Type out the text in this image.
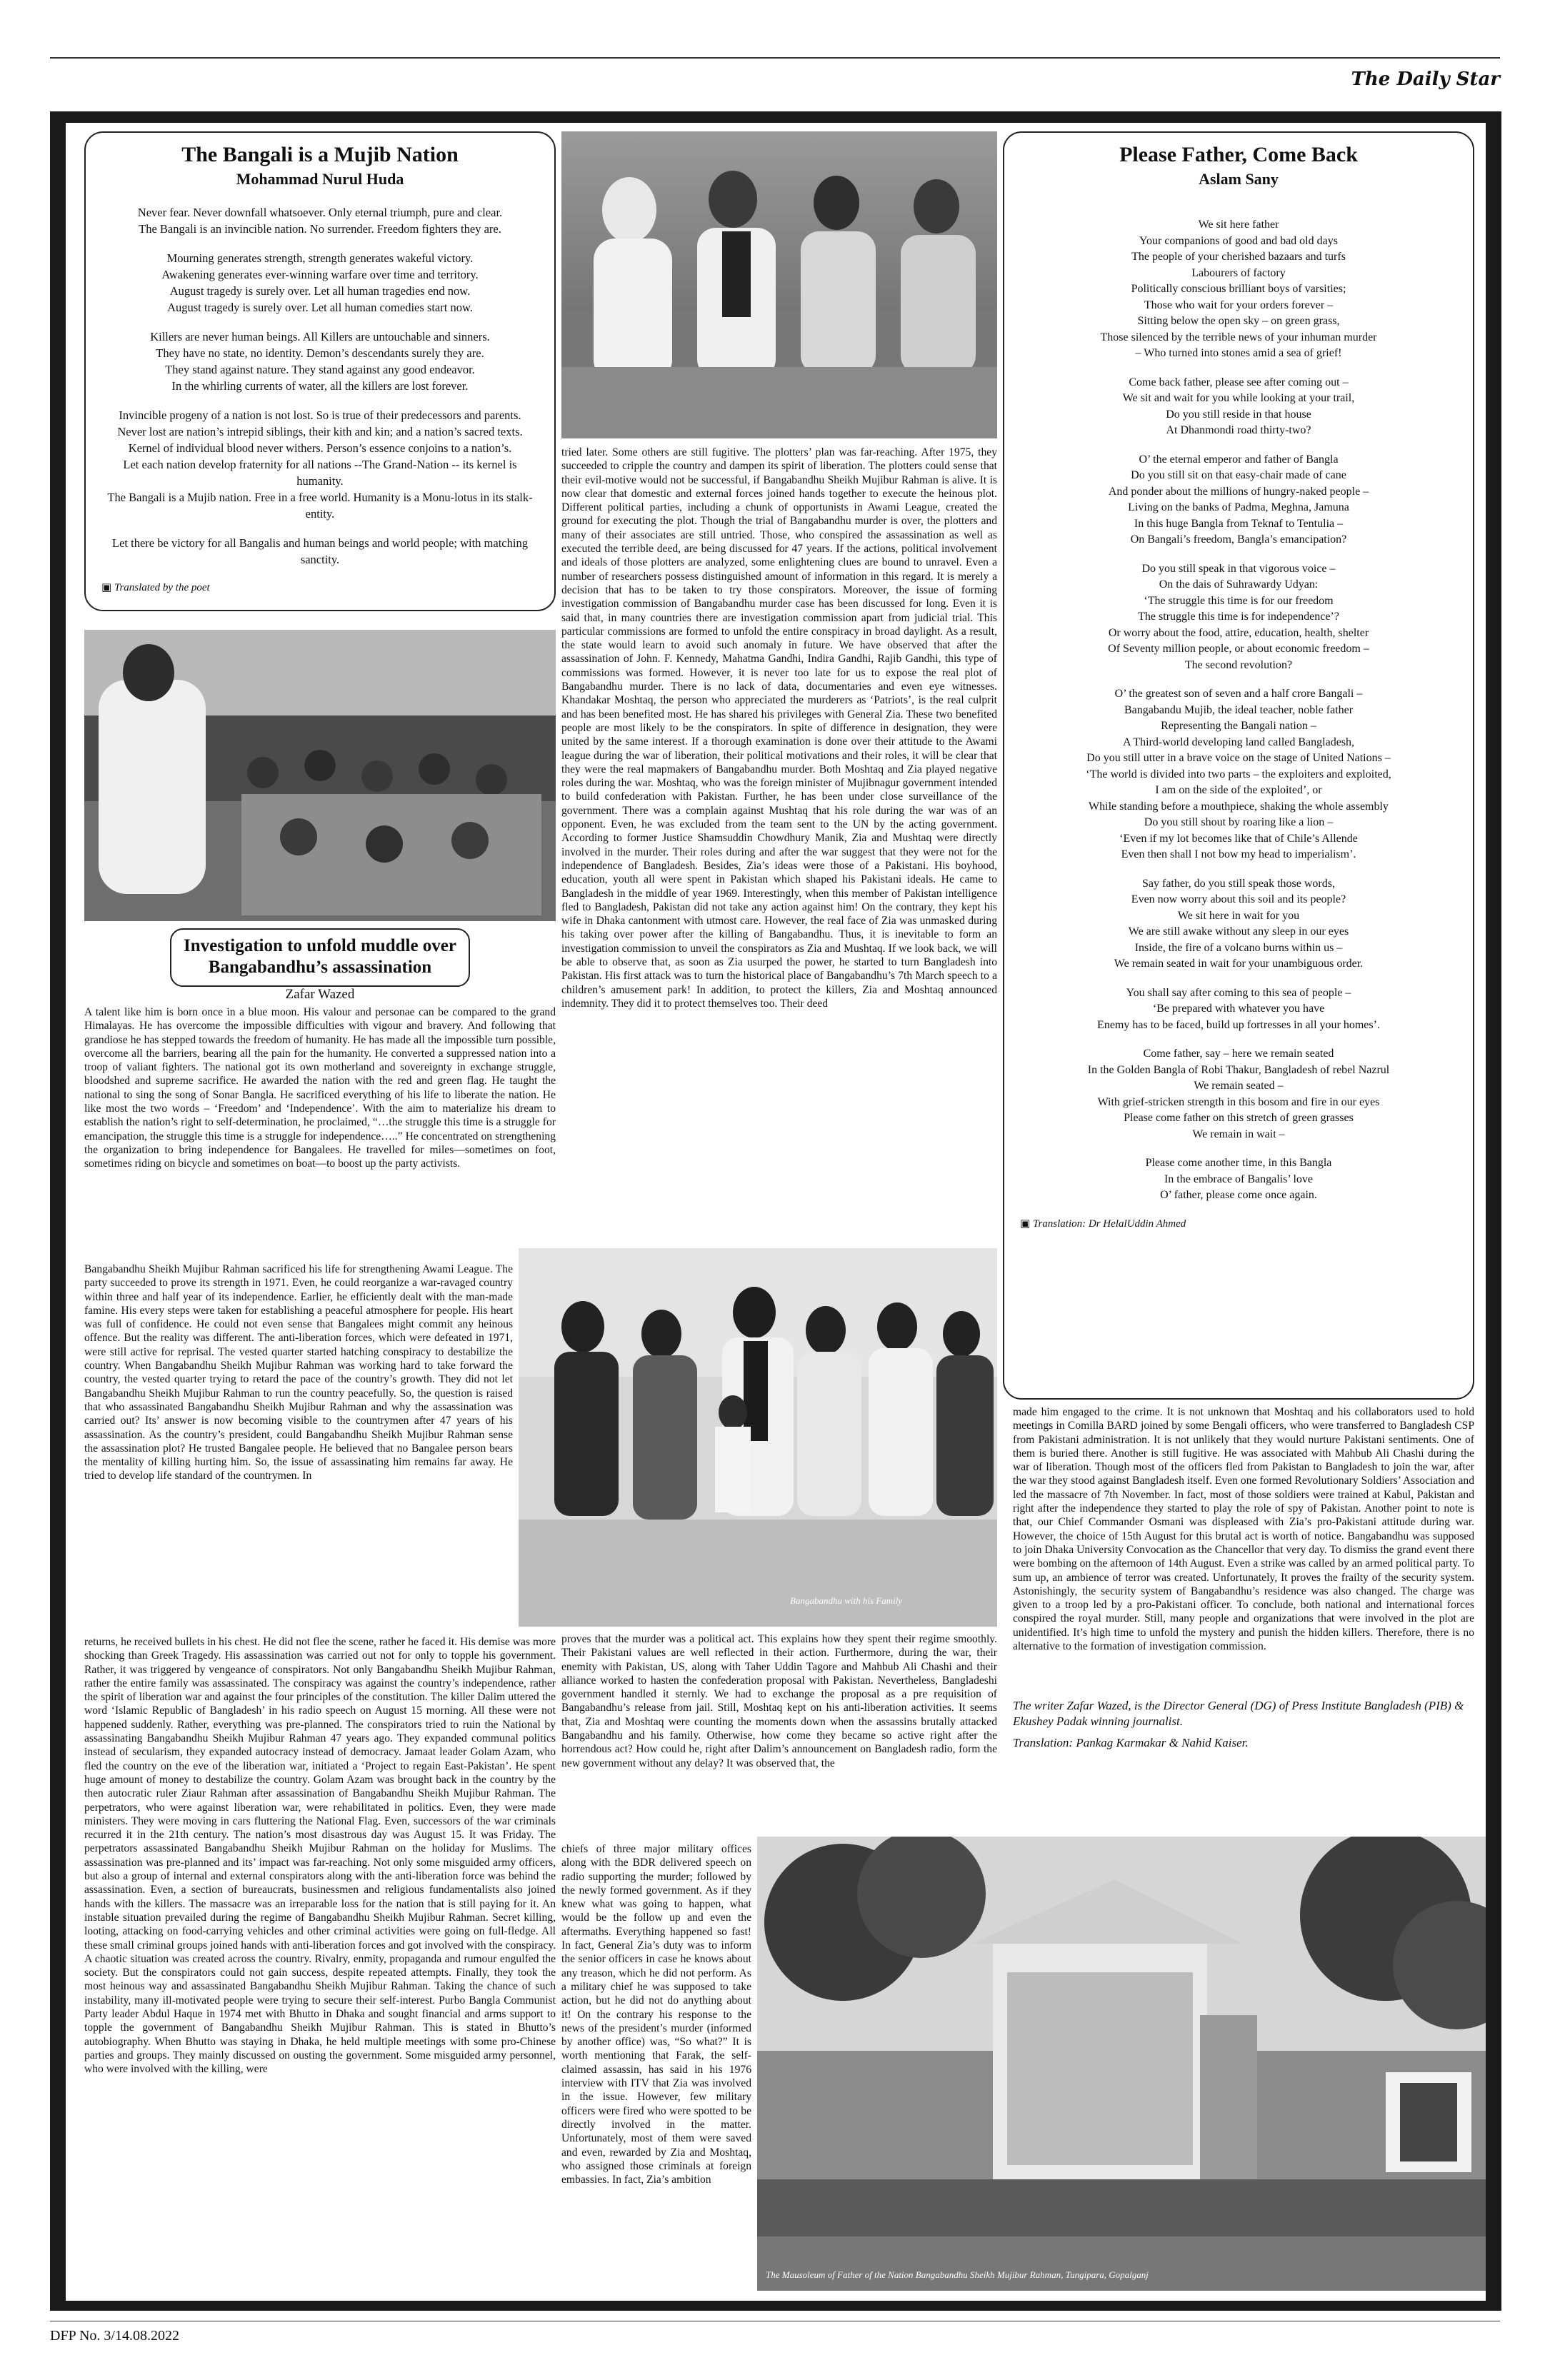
The Daily Star
The Bangali is a Mujib Nation
Mohammad Nurul Huda

Never fear. Never downfall whatsoever. Only eternal triumph, pure and clear.
The Bangali is an invincible nation. No surrender. Freedom fighters they are.

Mourning generates strength, strength generates wakeful victory.
Awakening generates ever-winning warfare over time and territory.
August tragedy is surely over. Let all human tragedies end now.
August tragedy is surely over. Let all human comedies start now.

Killers are never human beings. All Killers are untouchable and sinners.
They have no state, no identity. Demon’s descendants surely they are.
They stand against nature. They stand against any good endeavor.
In the whirling currents of water, all the killers are lost forever.

Invincible progeny of a nation is not lost. So is true of their predecessors and parents.
Never lost are nation’s intrepid siblings, their kith and kin; and a nation’s sacred texts.
Kernel of individual blood never withers. Person’s essence conjoins to a nation’s.
Let each nation develop fraternity for all nations --The Grand-Nation -- its kernel is humanity.
The Bangali is a Mujib nation. Free in a free world. Humanity is a Monu-lotus in its stalk-entity.

Let there be victory for all Bangalis and human beings and world people; with matching sanctity.

▣ Translated by the poet
Please Father, Come Back
Aslam Sany

We sit here father
Your companions of good and bad old days
The people of your cherished bazaars and turfs
Labourers of factory
Politically conscious brilliant boys of varsities;
Those who wait for your orders forever –
Sitting below the open sky – on green grass,
Those silenced by the terrible news of your inhuman murder
– Who turned into stones amid a sea of grief!

Come back father, please see after coming out –
We sit and wait for you while looking at your trail,
Do you still reside in that house
At Dhanmondi road thirty-two?

O’ the eternal emperor and father of Bangla
Do you still sit on that easy-chair made of cane
And ponder about the millions of hungry-naked people –
Living on the banks of Padma, Meghna, Jamuna
In this huge Bangla from Teknaf to Tentulia –
On Bangali’s freedom, Bangla’s emancipation?

Do you still speak in that vigorous voice –
On the dais of Suhrawardy Udyan:
‘The struggle this time is for our freedom
The struggle this time is for independence’?
Or worry about the food, attire, education, health, shelter
Of Seventy million people, or about economic freedom –
The second revolution?

O’ the greatest son of seven and a half crore Bangali –
Bangabandu Mujib, the ideal teacher, noble father
Representing the Bangali nation –
A Third-world developing land called Bangladesh,
Do you still utter in a brave voice on the stage of United Nations –
‘The world is divided into two parts – the exploiters and exploited,
I am on the side of the exploited’, or
While standing before a mouthpiece, shaking the whole assembly
Do you still shout by roaring like a lion –
‘Even if my lot becomes like that of Chile’s Allende
Even then shall I not bow my head to imperialism’.

Say father, do you still speak those words,
Even now worry about this soil and its people?
We sit here in wait for you
We are still awake without any sleep in our eyes
Inside, the fire of a volcano burns within us –
We remain seated in wait for your unambiguous order.

You shall say after coming to this sea of people –
‘Be prepared with whatever you have
Enemy has to be faced, build up fortresses in all your homes’.

Come father, say – here we remain seated
In the Golden Bangla of Robi Thakur, Bangladesh of rebel Nazrul
We remain seated –
With grief-stricken strength in this bosom and fire in our eyes
Please come father on this stretch of green grasses
We remain in wait –

Please come another time, in this Bangla
In the embrace of Bangalis’ love
O’ father, please come once again.

▣ Translation: Dr HelalUddin Ahmed
Investigation to unfold muddle over
Bangabandhu’s assassination
Zafar Wazed

A talent like him is born once in a blue moon. His valour and personae can be compared to the grand Himalayas. He has overcome the impossible difficulties with vigour and bravery. And following that grandiose he has stepped towards the freedom of humanity. He has made all the impossible turn possible, overcome all the barriers, bearing all the pain for the humanity. He converted a suppressed nation into a troop of valiant fighters. The national got its own motherland and sovereignty in exchange struggle, bloodshed and supreme sacrifice. He awarded the nation with the red and green flag. He taught the national to sing the song of Sonar Bangla. He sacrificed everything of his life to liberate the nation. He like most the two words – ‘Freedom’ and ‘Independence’. With the aim to materialize his dream to establish the nation’s right to self-determination, he proclaimed, “…the struggle this time is a struggle for emancipation, the struggle this time is a struggle for independence…..” He concentrated on strengthening the organization to bring independence for Bangalees. He travelled for miles—sometimes on foot, sometimes riding on bicycle and sometimes on boat—to boost up the party activists.

Bangabandhu Sheikh Mujibur Rahman sacrificed his life for strengthening Awami League. The party succeeded to prove its strength in 1971. Even, he could reorganize a war-ravaged country within three and half year of its independence. Earlier, he efficiently dealt with the man-made famine. His every steps were taken for establishing a peaceful atmosphere for people. His heart was full of confidence. He could not even sense that Bangalees might commit any heinous offence. But the reality was different. The anti-liberation forces, which were defeated in 1971, were still active for reprisal. The vested quarter started hatching conspiracy to destabilize the country. When Bangabandhu Sheikh Mujibur Rahman was working hard to take forward the country, the vested quarter trying to retard the pace of the country’s growth. They did not let Bangabandhu Sheikh Mujibur Rahman to run the country peacefully. So, the question is raised that who assassinated Bangabandhu Sheikh Mujibur Rahman and why the assassination was carried out? Its’ answer is now becoming visible to the countrymen after 47 years of his assassination. As the country’s president, could Bangabandhu Sheikh Mujibur Rahman sense the assassination plot? He trusted Bangalee people. He believed that no Bangalee person bears the mentality of killing hurting him. So, the issue of assassinating him remains far away. He tried to develop life standard of the countrymen. In

returns, he received bullets in his chest. He did not flee the scene, rather he faced it. His demise was more shocking than Greek Tragedy. His assassination was carried out not for only to topple his government. Rather, it was triggered by vengeance of conspirators. Not only Bangabandhu Sheikh Mujibur Rahman, rather the entire family was assassinated. The conspiracy was against the country’s independence, rather the spirit of liberation war and against the four principles of the constitution. The killer Dalim uttered the word ‘Islamic Republic of Bangladesh’ in his radio speech on August 15 morning. All these were not happened suddenly. Rather, everything was pre-planned. The conspirators tried to ruin the National by assassinating Bangabandhu Sheikh Mujibur Rahman 47 years ago. They expanded communal politics instead of secularism, they expanded autocracy instead of democracy. Jamaat leader Golam Azam, who fled the country on the eve of the liberation war, initiated a ‘Project to regain East-Pakistan’. He spent huge amount of money to destabilize the country. Golam Azam was brought back in the country by the then autocratic ruler Ziaur Rahman after assassination of Bangabandhu Sheikh Mujibur Rahman. The perpetrators, who were against liberation war, were rehabilitated in politics. Even, they were made ministers. They were moving in cars fluttering the National Flag. Even, successors of the war criminals recurred it in the 21th century. The nation’s most disastrous day was August 15. It was Friday. The perpetrators assassinated Bangabandhu Sheikh Mujibur Rahman on the holiday for Muslims. The assassination was pre-planned and its’ impact was far-reaching. Not only some misguided army officers, but also a group of internal and external conspirators along with the anti-liberation force was behind the assassination. Even, a section of bureaucrats, businessmen and religious fundamentalists also joined hands with the killers. The massacre was an irreparable loss for the nation that is still paying for it. An instable situation prevailed during the regime of Bangabandhu Sheikh Mujibur Rahman. Secret killing, looting, attacking on food-carrying vehicles and other criminal activities were going on full-fledge. All these small criminal groups joined hands with anti-liberation forces and got involved with the conspiracy. A chaotic situation was created across the country. Rivalry, enmity, propaganda and rumour engulfed the society. But the conspirators could not gain success, despite repeated attempts. Finally, they took the most heinous way and assassinated Bangabandhu Sheikh Mujibur Rahman. Taking the chance of such instability, many ill-motivated people were trying to secure their self-interest. Purbo Bangla Communist Party leader Abdul Haque in 1974 met with Bhutto in Dhaka and sought financial and arms support to topple the government of Bangabandhu Sheikh Mujibur Rahman. This is stated in Bhutto’s autobiography. When Bhutto was staying in Dhaka, he held multiple meetings with some pro-Chinese parties and groups. They mainly discussed on ousting the government. Some misguided army personnel, who were involved with the killing, were

tried later. Some others are still fugitive. The plotters’ plan was far-reaching. After 1975, they succeeded to cripple the country and dampen its spirit of liberation. The plotters could sense that their evil-motive would not be successful, if Bangabandhu Sheikh Mujibur Rahman is alive. It is now clear that domestic and external forces joined hands together to execute the heinous plot. Different political parties, including a chunk of opportunists in Awami League, created the ground for executing the plot. Though the trial of Bangabandhu murder is over, the plotters and many of their associates are still untried. Those, who conspired the assassination as well as executed the terrible deed, are being discussed for 47 years. If the actions, political involvement and ideals of those plotters are analyzed, some enlightening clues are bound to unravel. Even a number of researchers possess distinguished amount of information in this regard. It is merely a decision that has to be taken to try those conspirators. Moreover, the issue of forming investigation commission of Bangabandhu murder case has been discussed for long. Even it is said that, in many countries there are investigation commission apart from judicial trial. This particular commissions are formed to unfold the entire conspiracy in broad daylight. As a result, the state would learn to avoid such anomaly in future. We have observed that after the assassination of John. F. Kennedy, Mahatma Gandhi, Indira Gandhi, Rajib Gandhi, this type of commissions was formed. However, it is never too late for us to expose the real plot of Bangabandhu murder. There is no lack of data, documentaries and even eye witnesses. Khandakar Moshtaq, the person who appreciated the murderers as ‘Patriots’, is the real culprit and has been benefited most. He has shared his privileges with General Zia. These two benefited people are most likely to be the conspirators. In spite of difference in designation, they were united by the same interest. If a thorough examination is done over their attitude to the Awami league during the war of liberation, their political motivations and their roles, it will be clear that they were the real mapmakers of Bangabandhu murder. Both Moshtaq and Zia played negative roles during the war. Moshtaq, who was the foreign minister of Mujibnagur government intended to build confederation with Pakistan. Further, he has been under close surveillance of the government. There was a complain against Mushtaq that his role during the war was of an opponent. Even, he was excluded from the team sent to the UN by the acting government. According to former Justice Shamsuddin Chowdhury Manik, Zia and Mushtaq were directly involved in the murder. Their roles during and after the war suggest that they were not for the independence of Bangladesh. Besides, Zia’s ideas were those of a Pakistani. His boyhood, education, youth all were spent in Pakistan which shaped his Pakistani ideals. He came to Bangladesh in the middle of year 1969. Interestingly, when this member of Pakistan intelligence fled to Bangladesh, Pakistan did not take any action against him! On the contrary, they kept his wife in Dhaka cantonment with utmost care. However, the real face of Zia was unmasked during his taking over power after the killing of Bangabandhu. Thus, it is inevitable to form an investigation commission to unveil the conspirators as Zia and Mushtaq. If we look back, we will be able to observe that, as soon as Zia usurped the power, he started to turn Bangladesh into Pakistan. His first attack was to turn the historical place of Bangabandhu’s 7th March speech to a children’s amusement park! In addition, to protect the killers, Zia and Moshtaq announced indemnity. They did it to protect themselves too. Their deed

Bangabandhu with his Family

proves that the murder was a political act. This explains how they spent their regime smoothly. Their Pakistani values are well reflected in their action. Furthermore, during the war, their enemity with Pakistan, US, along with Taher Uddin Tagore and Mahbub Ali Chashi and their alliance worked to hasten the confederation proposal with Pakistan. Nevertheless, Bangladeshi government handled it sternly. We had to exchange the proposal as a pre requisition of Bangabandhu’s release from jail. Still, Moshtaq kept on his anti-liberation activities. It seems that, Zia and Moshtaq were counting the moments down when the assassins brutally attacked Bangabandhu and his family. Otherwise, how come they became so active right after the horrendous act? How could he, right after Dalim’s announcement on Bangladesh radio, form the new government without any delay? It was observed that, the

chiefs of three major military offices along with the BDR delivered speech on radio supporting the murder; followed by the newly formed government. As if they knew what was going to happen, what would be the follow up and even the aftermaths. Everything happened so fast! In fact, General Zia’s duty was to inform the senior officers in case he knows about any treason, which he did not perform. As a military chief he was supposed to take action, but he did not do anything about it! On the contrary his response to the news of the president’s murder (informed by another office) was, “So what?” It is worth mentioning that Farak, the self-claimed assassin, has said in his 1976 interview with ITV that Zia was involved in the issue. However, few military officers were fired who were spotted to be directly involved in the matter. Unfortunately, most of them were saved and even, rewarded by Zia and Moshtaq, who assigned those criminals at foreign embassies. In fact, Zia’s ambition

made him engaged to the crime. It is not unknown that Moshtaq and his collaborators used to hold meetings in Comilla BARD joined by some Bengali officers, who were transferred to Bangladesh CSP from Pakistani administration. It is not unlikely that they would nurture Pakistani sentiments. One of them is buried there. Another is still fugitive. He was associated with Mahbub Ali Chashi during the war of liberation. Though most of the officers fled from Pakistan to Bangladesh to join the war, after the war they stood against Bangladesh itself. Even one formed Revolutionary Soldiers’ Association and led the massacre of 7th November. In fact, most of those soldiers were trained at Kabul, Pakistan and right after the independence they started to play the role of spy of Pakistan. Another point to note is that, our Chief Commander Osmani was displeased with Zia’s pro-Pakistani attitude during war. However, the choice of 15th August for this brutal act is worth of notice. Bangabandhu was supposed to join Dhaka University Convocation as the Chancellor that very day. To dismiss the grand event there were bombing on the afternoon of 14th August. Even a strike was called by an armed political party. To sum up, an ambience of terror was created. Unfortunately, It proves the frailty of the security system. Astonishingly, the security system of Bangabandhu’s residence was also changed. The charge was given to a troop led by a pro-Pakistani officer. To conclude, both national and international forces conspired the royal murder. Still, many people and organizations that were involved in the plot are unidentified. It’s high time to unfold the mystery and punish the hidden killers. Therefore, there is no alternative to the formation of investigation commission.

The writer Zafar Wazed, is the Director General (DG) of Press Institute Bangladesh (PIB) & Ekushey Padak winning journalist.
Translation: Pankag Karmakar & Nahid Kaiser.
The Mausoleum of Father of the Nation Bangabandhu Sheikh Mujibur Rahman, Tungipara, Gopalganj
DFP No. 3/14.08.2022
